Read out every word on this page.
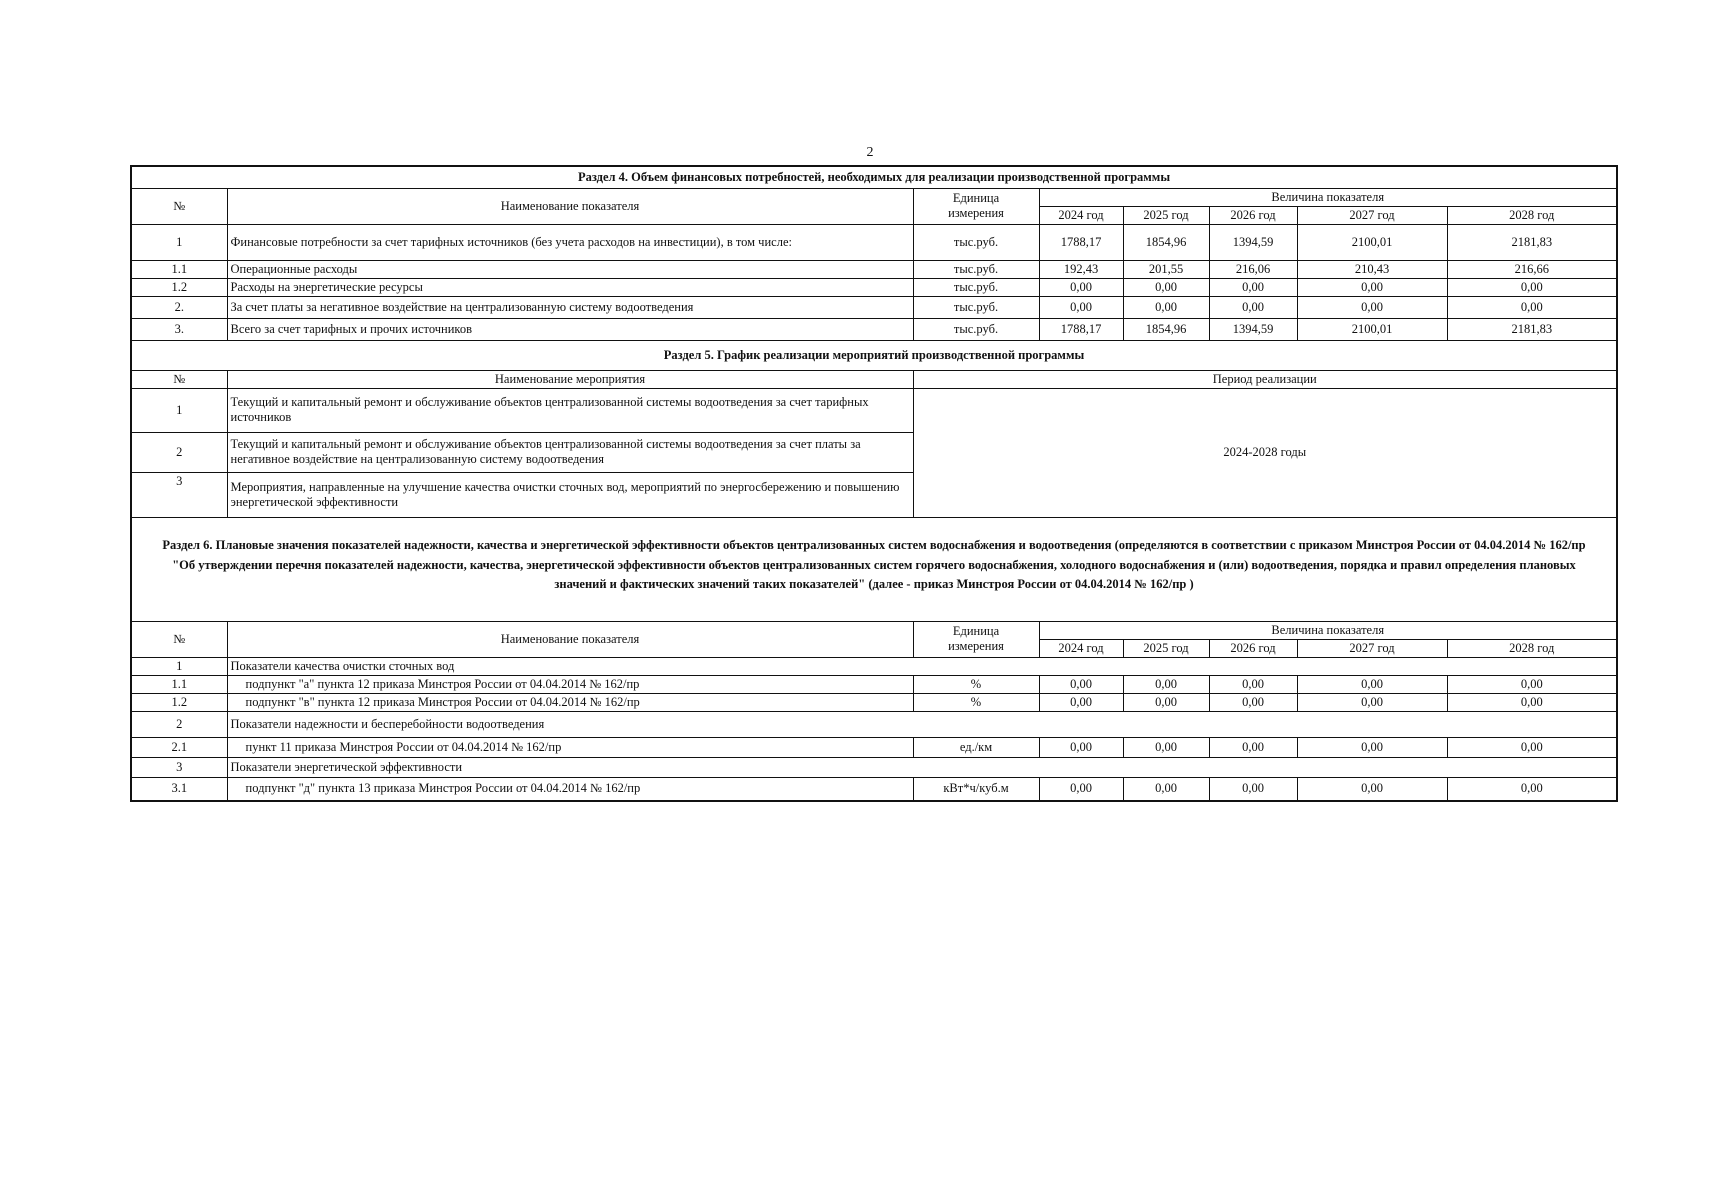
2
Раздел 4. Объем финансовых потребностей, необходимых для реализации производственной программы							
№	Наименование показателя	Единица
измерения	Величина показателя				
			2024 год	2025 год	2026 год	2027 год	2028 год
1	Финансовые потребности за счет тарифных источников (без учета расходов на инвестиции), в том числе:	тыс.руб.	1788,17	1854,96	1394,59	2100,01	2181,83
1.1	Операционные расходы	тыс.руб.	192,43	201,55	216,06	210,43	216,66
1.2	Расходы на энергетические ресурсы	тыс.руб.	0,00	0,00	0,00	0,00	0,00
2.	За счет платы за негативное воздействие на централизованную систему водоотведения	тыс.руб.	0,00	0,00	0,00	0,00	0,00
3.	Всего за счет тарифных и прочих источников	тыс.руб.	1788,17	1854,96	1394,59	2100,01	2181,83
Раздел 5. График реализации мероприятий производственной программы							
№	Наименование мероприятия	Период реализации					
1	Текущий и капитальный ремонт и обслуживание объектов централизованной системы водоотведения за счет тарифных источников	2024-2028 годы					
2	Текущий и капитальный ремонт и обслуживание объектов централизованной системы водоотведения за счет платы за негативное воздействие на централизованную систему водоотведения						
3	Мероприятия, направленные на улучшение качества очистки сточных вод, мероприятий по энергосбережению и повышению энергетической эффективности						
Раздел 6. Плановые значения показателей надежности, качества и энергетической эффективности объектов централизованных систем водоснабжения и водоотведения (определяются в соответствии с приказом Минстроя России от 04.04.2014 № 162/пр "Об утверждении перечня показателей надежности, качества, энергетической эффективности объектов централизованных систем горячего водоснабжения, холодного водоснабжения и (или) водоотведения, порядка и правил определения плановых значений и фактических значений таких показателей" (далее - приказ Минстроя России от 04.04.2014 № 162/пр )							

№	Наименование показателя	Единица
измерения	Величина показателя				
			2024 год	2025 год	2026 год	2027 год	2028 год
1	Показатели качества очистки сточных вод						
1.1	подпункт "а" пункта 12 приказа Минстроя России от 04.04.2014 № 162/пр	%	0,00	0,00	0,00	0,00	0,00
1.2	подпункт "в" пункта 12 приказа Минстроя России от 04.04.2014 № 162/пр	%	0,00	0,00	0,00	0,00	0,00
2	Показатели надежности и бесперебойности водоотведения						
2.1	пункт 11 приказа Минстроя России от 04.04.2014 № 162/пр	ед./км	0,00	0,00	0,00	0,00	0,00
3	Показатели энергетической эффективности						
3.1	подпункт "д" пункта 13 приказа Минстроя России от 04.04.2014 № 162/пр	кВт*ч/куб.м	0,00	0,00	0,00	0,00	0,00
